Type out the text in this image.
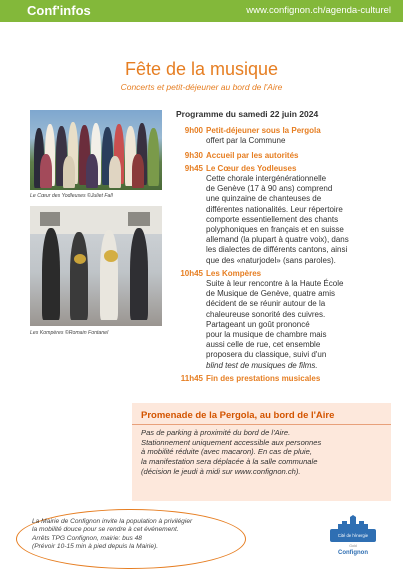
Conf'infos	www.confignon.ch/agenda-culturel
Fête de la musique
Concerts et petit-déjeuner au bord de l'Aire
Le Cœur des Yodleuses ©Juliet Fall
Les Kompères ©Romain Fontanel
Programme du samedi 22 juin 2024
9h00 Petit-déjeuner sous la Pergola
offert par la Commune
9h30 Accueil par les autorités
9h45 Le Cœur des Yodleuses
Cette chorale intergénérationnelle
de Genève (17 à 90 ans) comprend
une quinzaine de chanteuses de
différentes nationalités. Leur répertoire
comporte essentiellement des chants
polyphoniques en français et en suisse
allemand (la plupart à quatre voix), dans
les dialectes de différents cantons, ainsi
que des «naturjodel» (sans paroles).
10h45 Les Kompères
Suite à leur rencontre à la Haute École
de Musique de Genève, quatre amis
décident de se réunir autour de la
chaleureuse sonorité des cuivres.
Partageant un goût prononcé
pour la musique de chambre mais
aussi celle de rue, cet ensemble
proposera du classique, suivi d'un
blind test de musiques de films.
11h45 Fin des prestations musicales
Promenade de la Pergola, au bord de l'Aire
Pas de parking à proximité du bord de l'Aire.
Stationnement uniquement accessible aux personnes
à mobilité réduite (avec macaron). En cas de pluie,
la manifestation sera déplacée à la salle communale
(décision le jeudi à midi sur www.confignon.ch).
La Mairie de Confignon invite la population à privilégier
la mobilité douce pour se rendre à cet événement.
Arrêts TPG Confignon, mairie: bus 48
(Prévoir 10-15 min à pied depuis la Mairie).
Cité de l'énergie
Gold
Confignon
